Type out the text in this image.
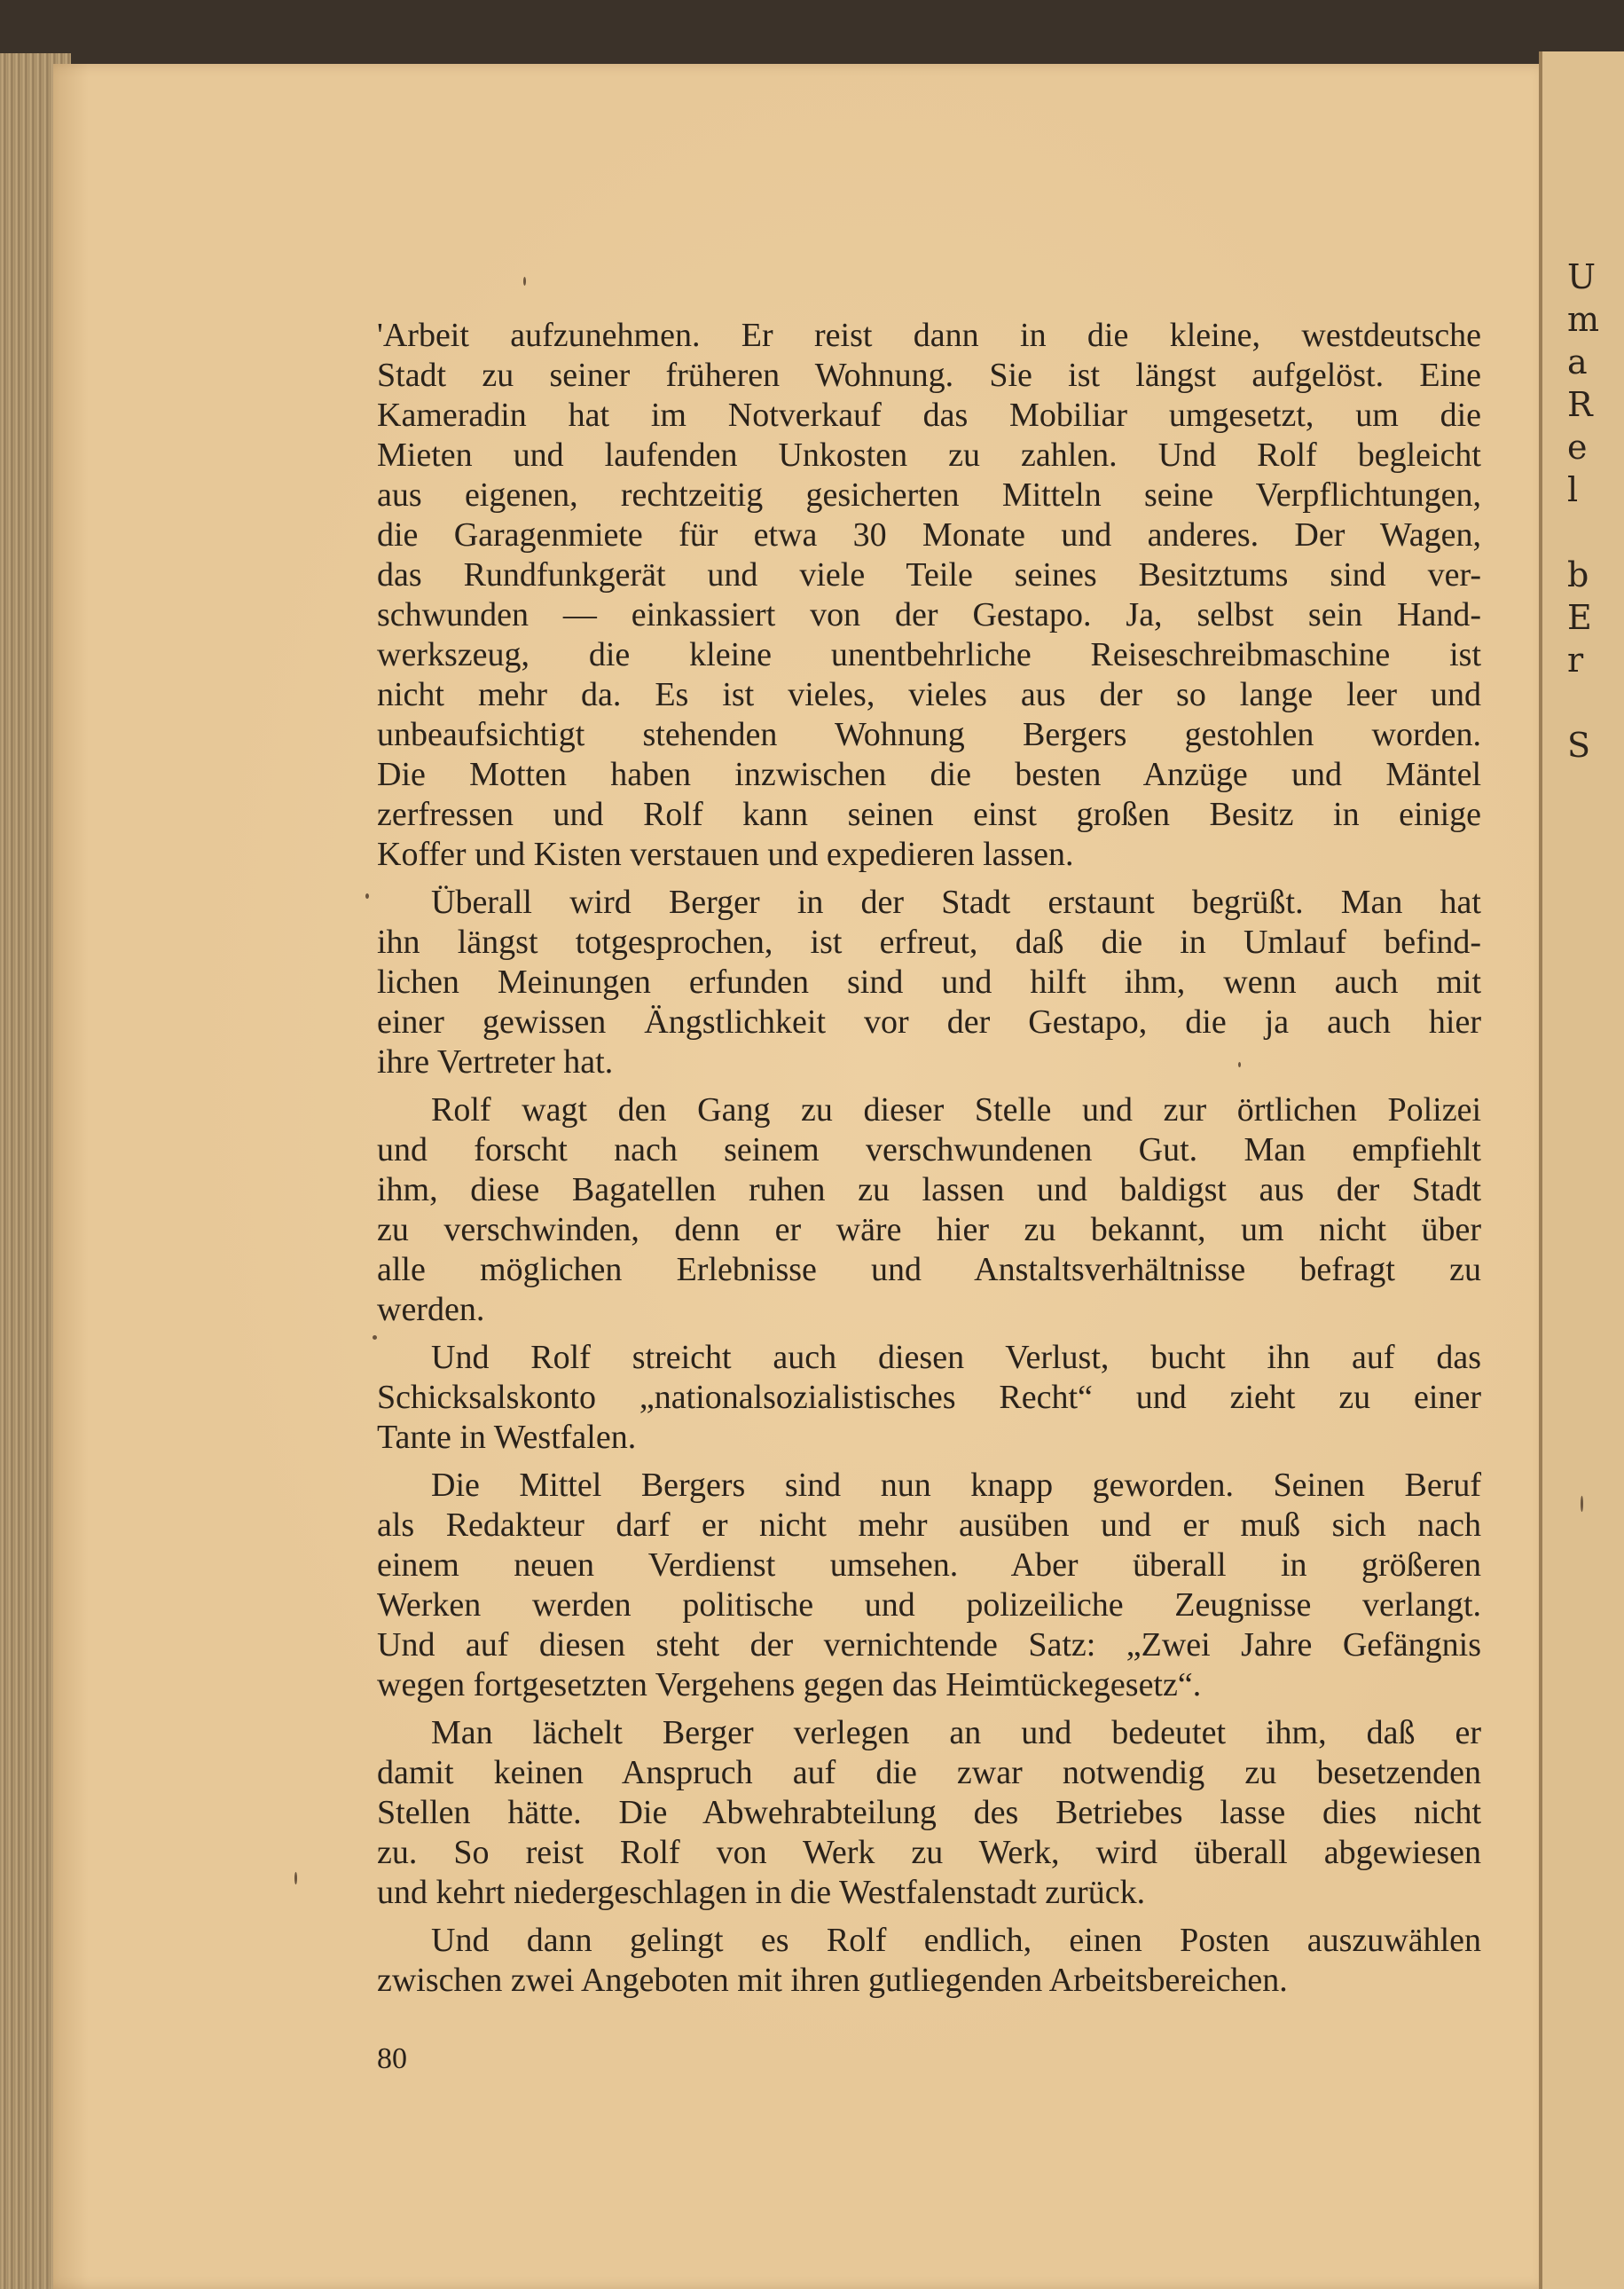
U
m
a
R
e
l
b
E
r
S
'Arbeit aufzunehmen. Er reist dann in die kleine, westdeutsche
Stadt zu seiner früheren Wohnung. Sie ist längst aufgelöst. Eine
Kameradin hat im Notverkauf das Mobiliar umgesetzt, um die
Mieten und laufenden Unkosten zu zahlen. Und Rolf begleicht
aus eigenen, rechtzeitig gesicherten Mitteln seine Verpflichtungen,
die Garagenmiete für etwa 30 Monate und anderes. Der Wagen,
das Rundfunkgerät und viele Teile seines Besitztums sind ver-
schwunden — einkassiert von der Gestapo. Ja, selbst sein Hand-
werkszeug, die kleine unentbehrliche Reiseschreibmaschine ist
nicht mehr da. Es ist vieles, vieles aus der so lange leer und
unbeaufsichtigt stehenden Wohnung Bergers gestohlen worden.
Die Motten haben inzwischen die besten Anzüge und Mäntel
zerfressen und Rolf kann seinen einst großen Besitz in einige
Koffer und Kisten verstauen und expedieren lassen.
Überall wird Berger in der Stadt erstaunt begrüßt. Man hat
ihn längst totgesprochen, ist erfreut, daß die in Umlauf befind-
lichen Meinungen erfunden sind und hilft ihm, wenn auch mit
einer gewissen Ängstlichkeit vor der Gestapo, die ja auch hier
ihre Vertreter hat.
Rolf wagt den Gang zu dieser Stelle und zur örtlichen Polizei
und forscht nach seinem verschwundenen Gut. Man empfiehlt
ihm, diese Bagatellen ruhen zu lassen und baldigst aus der Stadt
zu verschwinden, denn er wäre hier zu bekannt, um nicht über
alle möglichen Erlebnisse und Anstaltsverhältnisse befragt zu
werden.
Und Rolf streicht auch diesen Verlust, bucht ihn auf das
Schicksalskonto „nationalsozialistisches Recht“ und zieht zu einer
Tante in Westfalen.
Die Mittel Bergers sind nun knapp geworden. Seinen Beruf
als Redakteur darf er nicht mehr ausüben und er muß sich nach
einem neuen Verdienst umsehen. Aber überall in größeren
Werken werden politische und polizeiliche Zeugnisse verlangt.
Und auf diesen steht der vernichtende Satz: „Zwei Jahre Gefängnis
wegen fortgesetzten Vergehens gegen das Heimtückegesetz“.
Man lächelt Berger verlegen an und bedeutet ihm, daß er
damit keinen Anspruch auf die zwar notwendig zu besetzenden
Stellen hätte. Die Abwehrabteilung des Betriebes lasse dies nicht
zu. So reist Rolf von Werk zu Werk, wird überall abgewiesen
und kehrt niedergeschlagen in die Westfalenstadt zurück.
Und dann gelingt es Rolf endlich, einen Posten auszuwählen
zwischen zwei Angeboten mit ihren gutliegenden Arbeitsbereichen.
80
